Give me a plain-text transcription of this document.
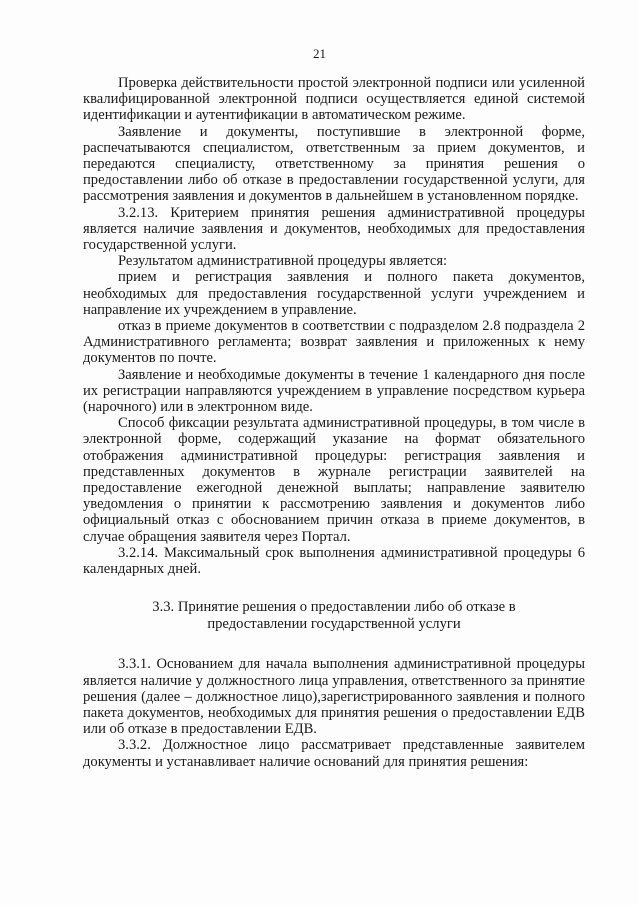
21

Проверка действительности простой электронной подписи или усиленной квалифицированной электронной подписи осуществляется единой системой идентификации и аутентификации в автоматическом режиме.

Заявление и документы, поступившие в электронной форме, распечатываются специалистом, ответственным за прием документов, и передаются специалисту, ответственному за принятия решения о предоставлении либо об отказе в предоставлении государственной услуги, для рассмотрения заявления и документов в дальнейшем в установленном порядке.

3.2.13. Критерием принятия решения административной процедуры является наличие заявления и документов, необходимых для предоставления государственной услуги.

Результатом административной процедуры является:

прием и регистрация заявления и полного пакета документов, необходимых для предоставления государственной услуги учреждением и направление их учреждением в управление.

отказ в приеме документов в соответствии с подразделом 2.8 подраздела 2 Административного регламента; возврат заявления и приложенных к нему документов по почте.

Заявление и необходимые документы в течение 1 календарного дня после их регистрации направляются учреждением в управление посредством курьера (нарочного) или в электронном виде.

Способ фиксации результата административной процедуры, в том числе в электронной форме, содержащий указание на формат обязательного отображения административной процедуры: регистрация заявления и представленных документов в журнале регистрации заявителей на предоставление ежегодной денежной выплаты; направление заявителю уведомления о принятии к рассмотрению заявления и документов либо официальный отказ с обоснованием причин отказа в приеме документов, в случае обращения заявителя через Портал.

3.2.14. Максимальный срок выполнения административной процедуры 6 календарных дней.

3.3. Принятие решения о предоставлении либо об отказе в
предоставлении государственной услуги

3.3.1. Основанием для начала выполнения административной процедуры является наличие у должностного лица управления, ответственного за принятие решения (далее – должностное лицо),зарегистрированного заявления и полного пакета документов, необходимых для принятия решения о предоставлении ЕДВ или об отказе в предоставлении ЕДВ.

3.3.2. Должностное лицо рассматривает представленные заявителем документы и устанавливает наличие оснований для принятия решения:
